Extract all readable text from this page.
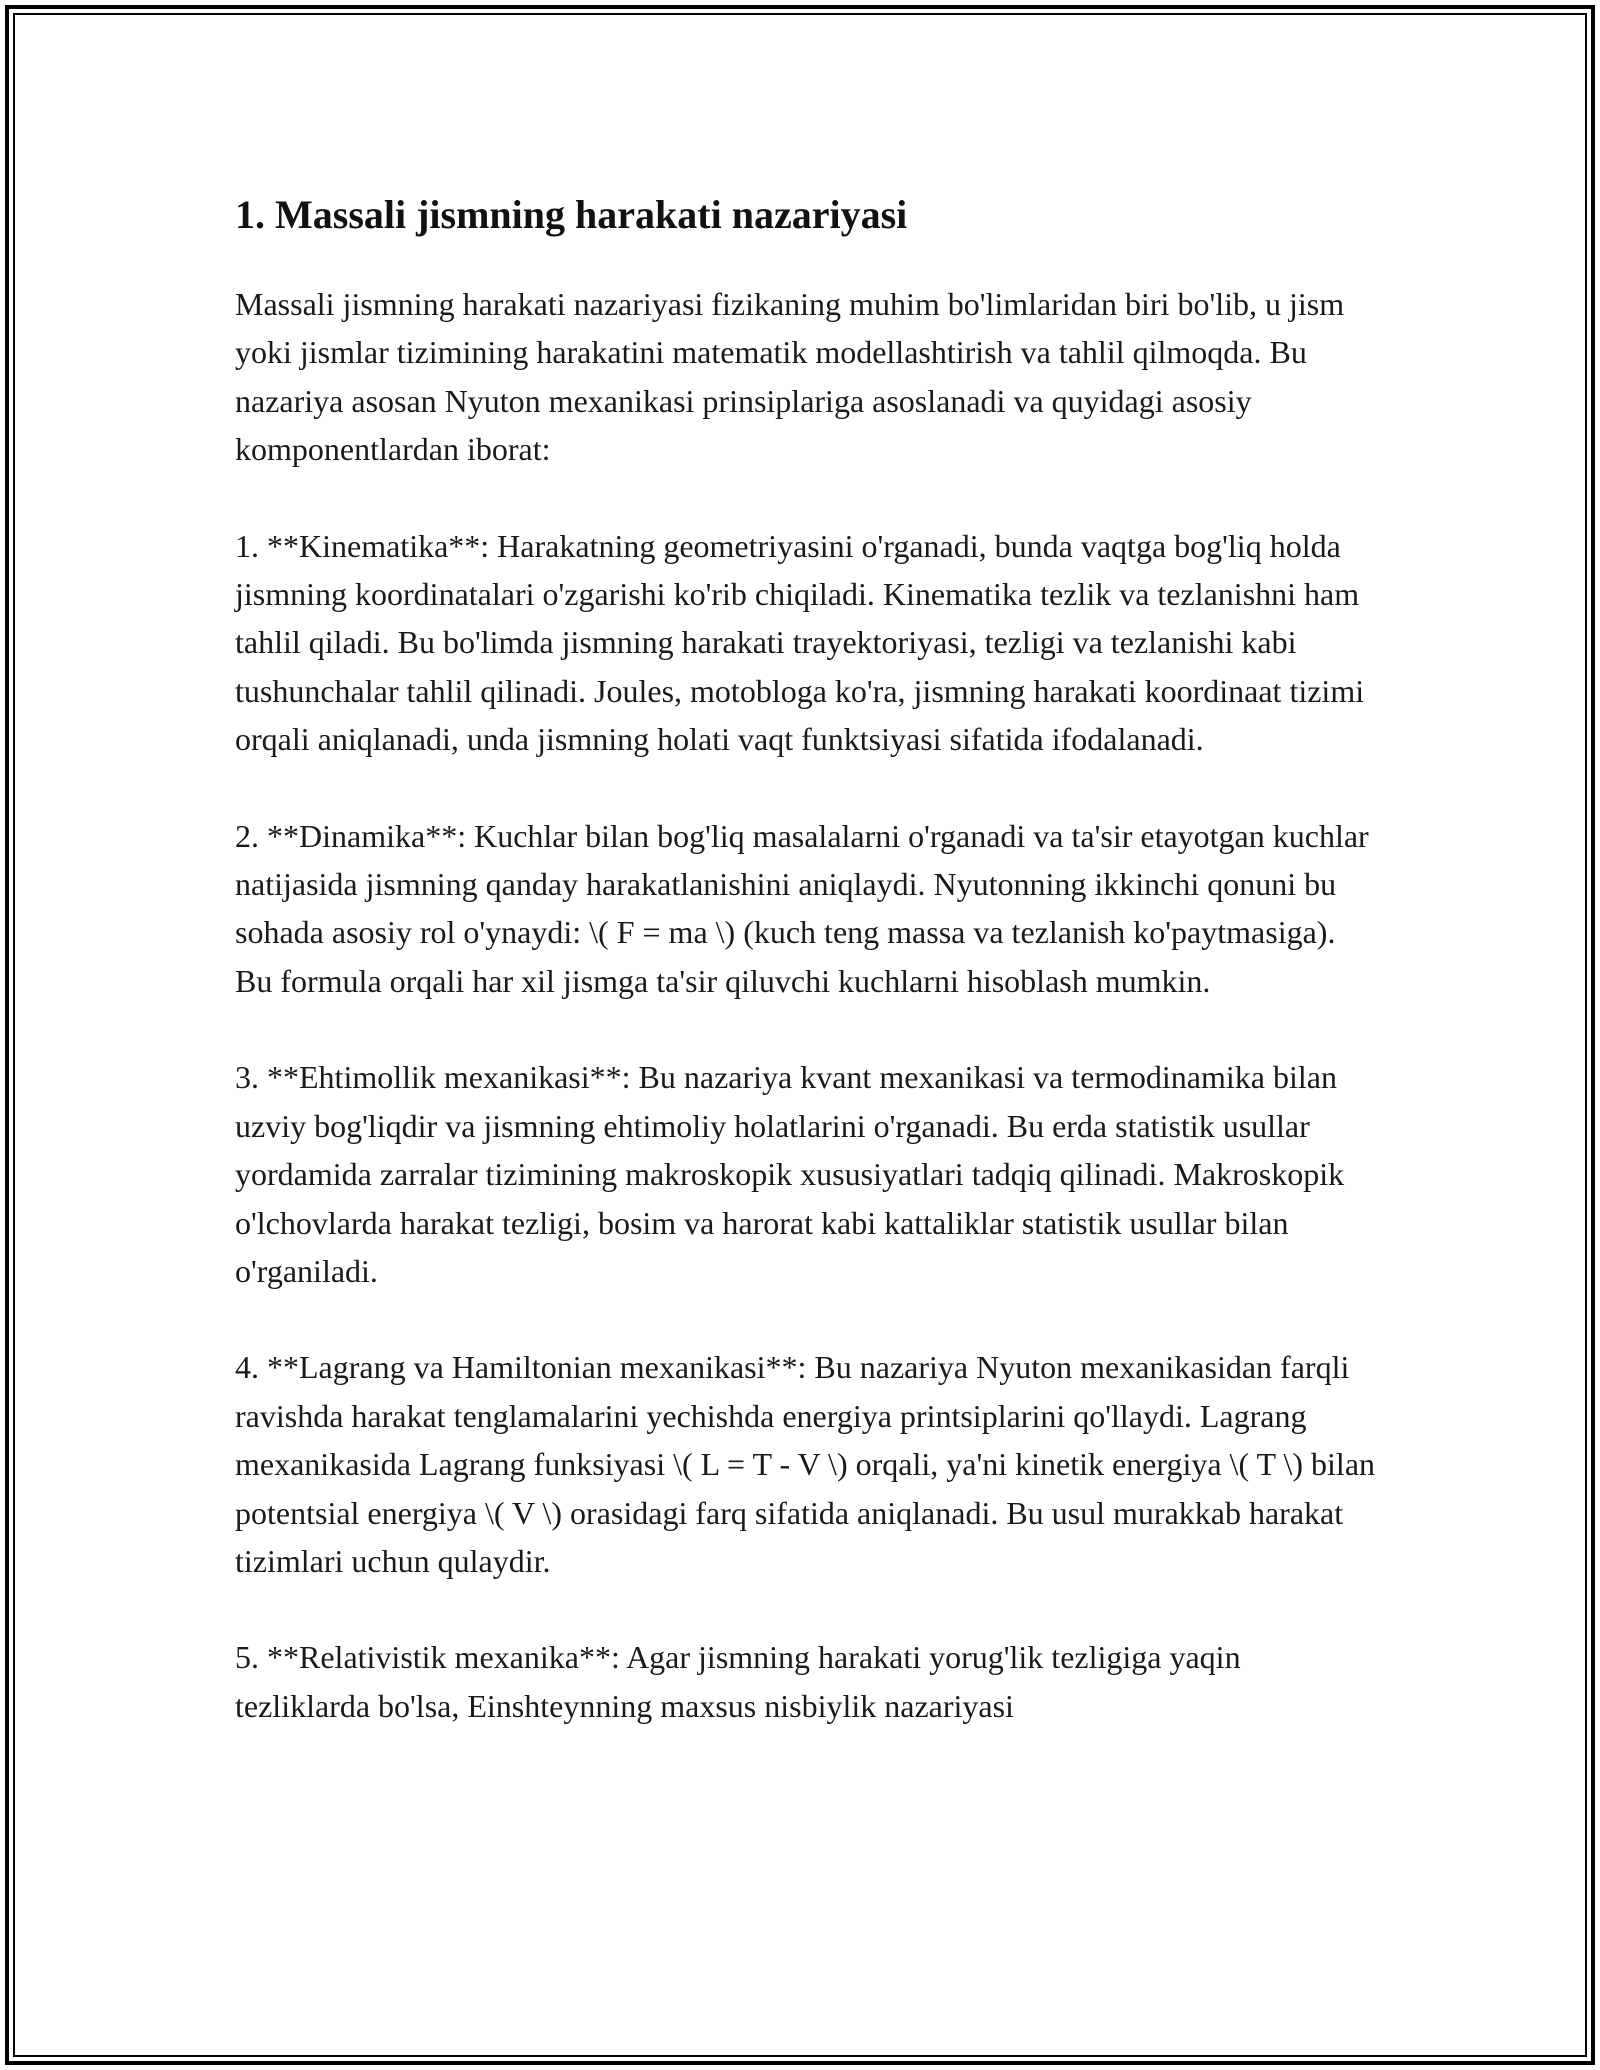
1. Massali jismning harakati nazariyasi

Massali jismning harakati nazariyasi fizikaning muhim bo'limlaridan biri bo'lib, u jism yoki jismlar tizimining harakatini matematik modellashtirish va tahlil qilmoqda. Bu nazariya asosan Nyuton mexanikasi prinsiplariga asoslanadi va quyidagi asosiy komponentlardan iborat:

1. **Kinematika**: Harakatning geometriyasini o'rganadi, bunda vaqtga bog'liq holda jismning koordinatalari o'zgarishi ko'rib chiqiladi. Kinematika tezlik va tezlanishni ham tahlil qiladi. Bu bo'limda jismning harakati trayektoriyasi, tezligi va tezlanishi kabi tushunchalar tahlil qilinadi. Joules, motobloga ko'ra, jismning harakati koordinaat tizimi orqali aniqlanadi, unda jismning holati vaqt funktsiyasi sifatida ifodalanadi.

2. **Dinamika**: Kuchlar bilan bog'liq masalalarni o'rganadi va ta'sir etayotgan kuchlar natijasida jismning qanday harakatlanishini aniqlaydi. Nyutonning ikkinchi qonuni bu sohada asosiy rol o'ynaydi: \( F = ma \) (kuch teng massa va tezlanish ko'paytmasiga). Bu formula orqali har xil jismga ta'sir qiluvchi kuchlarni hisoblash mumkin.

3. **Ehtimollik mexanikasi**: Bu nazariya kvant mexanikasi va termodinamika bilan uzviy bog'liqdir va jismning ehtimoliy holatlarini o'rganadi. Bu erda statistik usullar yordamida zarralar tizimining makroskopik xususiyatlari tadqiq qilinadi. Makroskopik o'lchovlarda harakat tezligi, bosim va harorat kabi kattaliklar statistik usullar bilan o'rganiladi.

4. **Lagrang va Hamiltonian mexanikasi**: Bu nazariya Nyuton mexanikasidan farqli ravishda harakat tenglamalarini yechishda energiya printsiplarini qo'llaydi. Lagrang mexanikasida Lagrang funksiyasi \( L = T - V \) orqali, ya'ni kinetik energiya \( T \) bilan potentsial energiya \( V \) orasidagi farq sifatida aniqlanadi. Bu usul murakkab harakat tizimlari uchun qulaydir.

5. **Relativistik mexanika**: Agar jismning harakati yorug'lik tezligiga yaqin tezliklarda bo'lsa, Einshteynning maxsus nisbiylik nazariyasi
